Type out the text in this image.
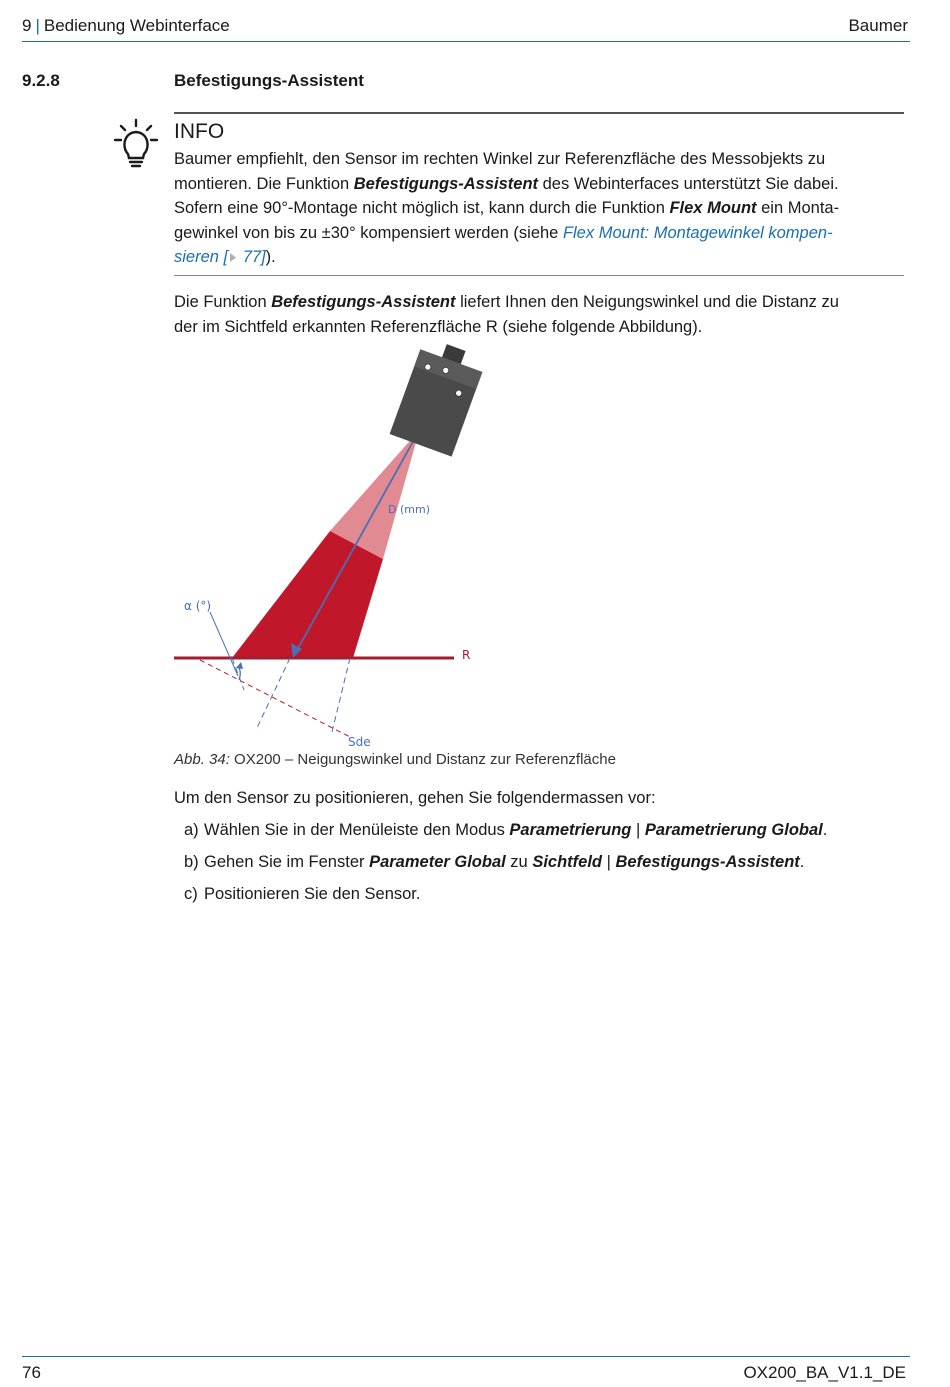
9 | Bedienung Webinterface	Baumer
9.2.8	Befestigungs-Assistent
INFO
Baumer empfiehlt, den Sensor im rechten Winkel zur Referenzfläche des Messobjekts zu
montieren. Die Funktion Befestigungs-Assistent des Webinterfaces unterstützt Sie dabei.
Sofern eine 90°-Montage nicht möglich ist, kann durch die Funktion Flex Mount ein Monta-
gewinkel von bis zu ±30° kompensiert werden (siehe Flex Mount: Montagewinkel kompen-
sieren [ 77]).
Die Funktion Befestigungs-Assistent liefert Ihnen den Neigungswinkel und die Distanz zu
der im Sichtfeld erkannten Referenzfläche R (siehe folgende Abbildung).
D (mm)
α (°)
R
Sde
Abb. 34: OX200 – Neigungswinkel und Distanz zur Referenzfläche
Um den Sensor zu positionieren, gehen Sie folgendermassen vor:
a) Wählen Sie in der Menüleiste den Modus Parametrierung | Parametrierung Global.
b) Gehen Sie im Fenster Parameter Global zu Sichtfeld | Befestigungs-Assistent.
c) Positionieren Sie den Sensor.
76	OX200_BA_V1.1_DE
